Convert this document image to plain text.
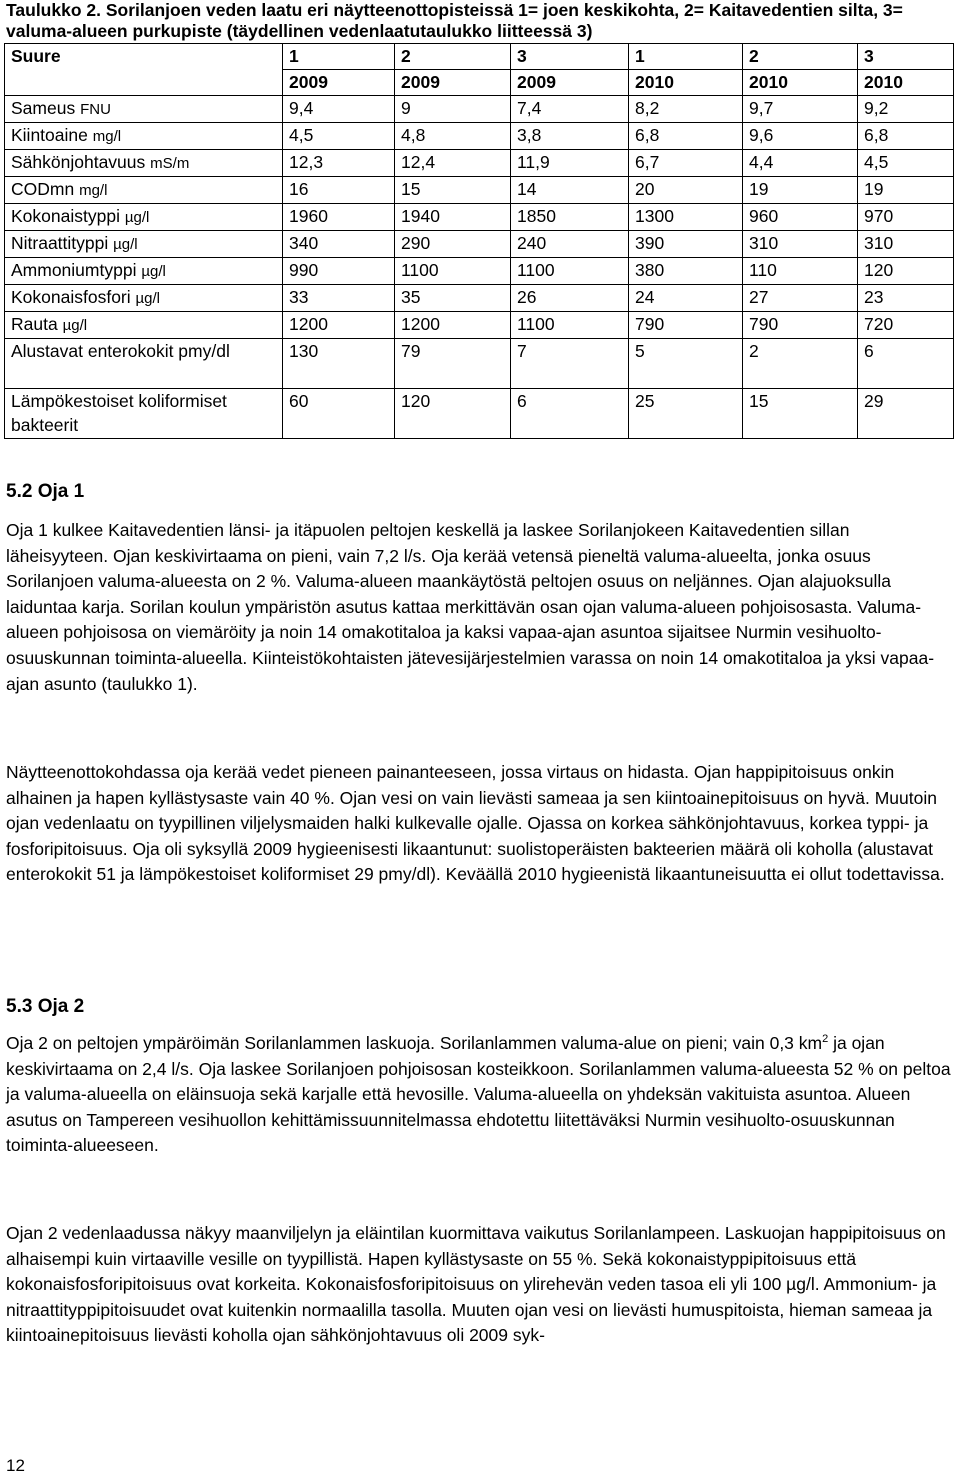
Taulukko 2. Sorilanjoen veden laatu eri näytteenottopisteissä 1= joen keskikohta, 2= Kaitavedentien silta, 3= valuma-alueen purkupiste (täydellinen vedenlaatutaulukko liitteessä 3)

Suure	1	2	3	1	2	3
	2009	2009	2009	2010	2010	2010
Sameus FNU	9,4	9	7,4	8,2	9,7	9,2
Kiintoaine mg/l	4,5	4,8	3,8	6,8	9,6	6,8
Sähkönjohtavuus mS/m	12,3	12,4	11,9	6,7	4,4	4,5
CODmn mg/l	16	15	14	20	19	19
Kokonaistyppi µg/l	1960	1940	1850	1300	960	970
Nitraattityppi µg/l	340	290	240	390	310	310
Ammoniumtyppi µg/l	990	1100	1100	380	110	120
Kokonaisfosfori µg/l	33	35	26	24	27	23
Rauta µg/l	1200	1200	1100	790	790	720
Alustavat enterokokit pmy/dl	130	79	7	5	2	6
Lämpökestoiset koliformiset bakteerit	60	120	6	25	15	29
5.2 Oja 1

Oja 1 kulkee Kaitavedentien länsi- ja itäpuolen peltojen keskellä ja laskee Sorilanjokeen Kaitavedentien sillan läheisyyteen. Ojan keskivirtaama on pieni, vain 7,2 l/s. Oja kerää vetensä pieneltä valuma-alueelta, jonka osuus Sorilanjoen valuma-alueesta on 2 %. Valuma-alueen maankäytöstä peltojen osuus on neljännes. Ojan alajuoksulla laiduntaa karja. Sorilan koulun ympäristön asutus kattaa merkittävän osan ojan valuma-alueen pohjoisosasta. Valuma-alueen pohjoisosa on viemäröity ja noin 14 omakotitaloa ja kaksi vapaa-ajan asuntoa sijaitsee Nurmin vesihuolto-osuuskunnan toiminta-alueella. Kiinteistökohtaisten jätevesijärjestelmien varassa on noin 14 omakotitaloa ja yksi vapaa-ajan asunto (taulukko 1).

Näytteenottokohdassa oja kerää vedet pieneen painanteeseen, jossa virtaus on hidasta. Ojan happipitoisuus onkin alhainen ja hapen kyllästysaste vain 40 %. Ojan vesi on vain lievästi sameaa ja sen kiintoainepitoisuus on hyvä. Muutoin ojan vedenlaatu on tyypillinen viljelysmaiden halki kulkevalle ojalle. Ojassa on korkea sähkönjohtavuus, korkea typpi- ja fosforipitoisuus. Oja oli syksyllä 2009 hygieenisesti likaantunut: suolistoperäisten bakteerien määrä oli koholla (alustavat enterokokit 51 ja lämpökestoiset koliformiset 29 pmy/dl). Keväällä 2010 hygieenistä likaantuneisuutta ei ollut todettavissa.

5.3 Oja 2

Oja 2 on peltojen ympäröimän Sorilanlammen laskuoja. Sorilanlammen valuma-alue on pieni; vain 0,3 $km^2$ ja ojan keskivirtaama on 2,4 l/s. Oja laskee Sorilanjoen pohjoisosan kosteikkoon. Sorilanlammen valuma-alueesta 52 % on peltoa ja valuma-alueella on eläinsuoja sekä karjalle että hevosille. Valuma-alueella on yhdeksän vakituista asuntoa. Alueen asutus on Tampereen vesihuollon kehittämissuunnitelmassa ehdotettu liitettäväksi Nurmin vesihuolto-osuuskunnan toiminta-alueeseen.

Ojan 2 vedenlaadussa näkyy maanviljelyn ja eläintilan kuormittava vaikutus Sorilanlampeen. Laskuojan happipitoisuus on alhaisempi kuin virtaaville vesille on tyypillistä. Hapen kyllästysaste on 55 %. Sekä kokonaistyppipitoisuus että kokonaisfosforipitoisuus ovat korkeita. Kokonaisfosforipitoisuus on ylirehevän veden tasoa eli yli 100 µg/l. Ammonium- ja nitraattityppipitoisuudet ovat kuitenkin normaalilla tasolla. Muuten ojan vesi on lievästi humuspitoista, hieman sameaa ja kiintoainepitoisuus lievästi koholla ojan sähkönjohtavuus oli 2009 syk-

12
